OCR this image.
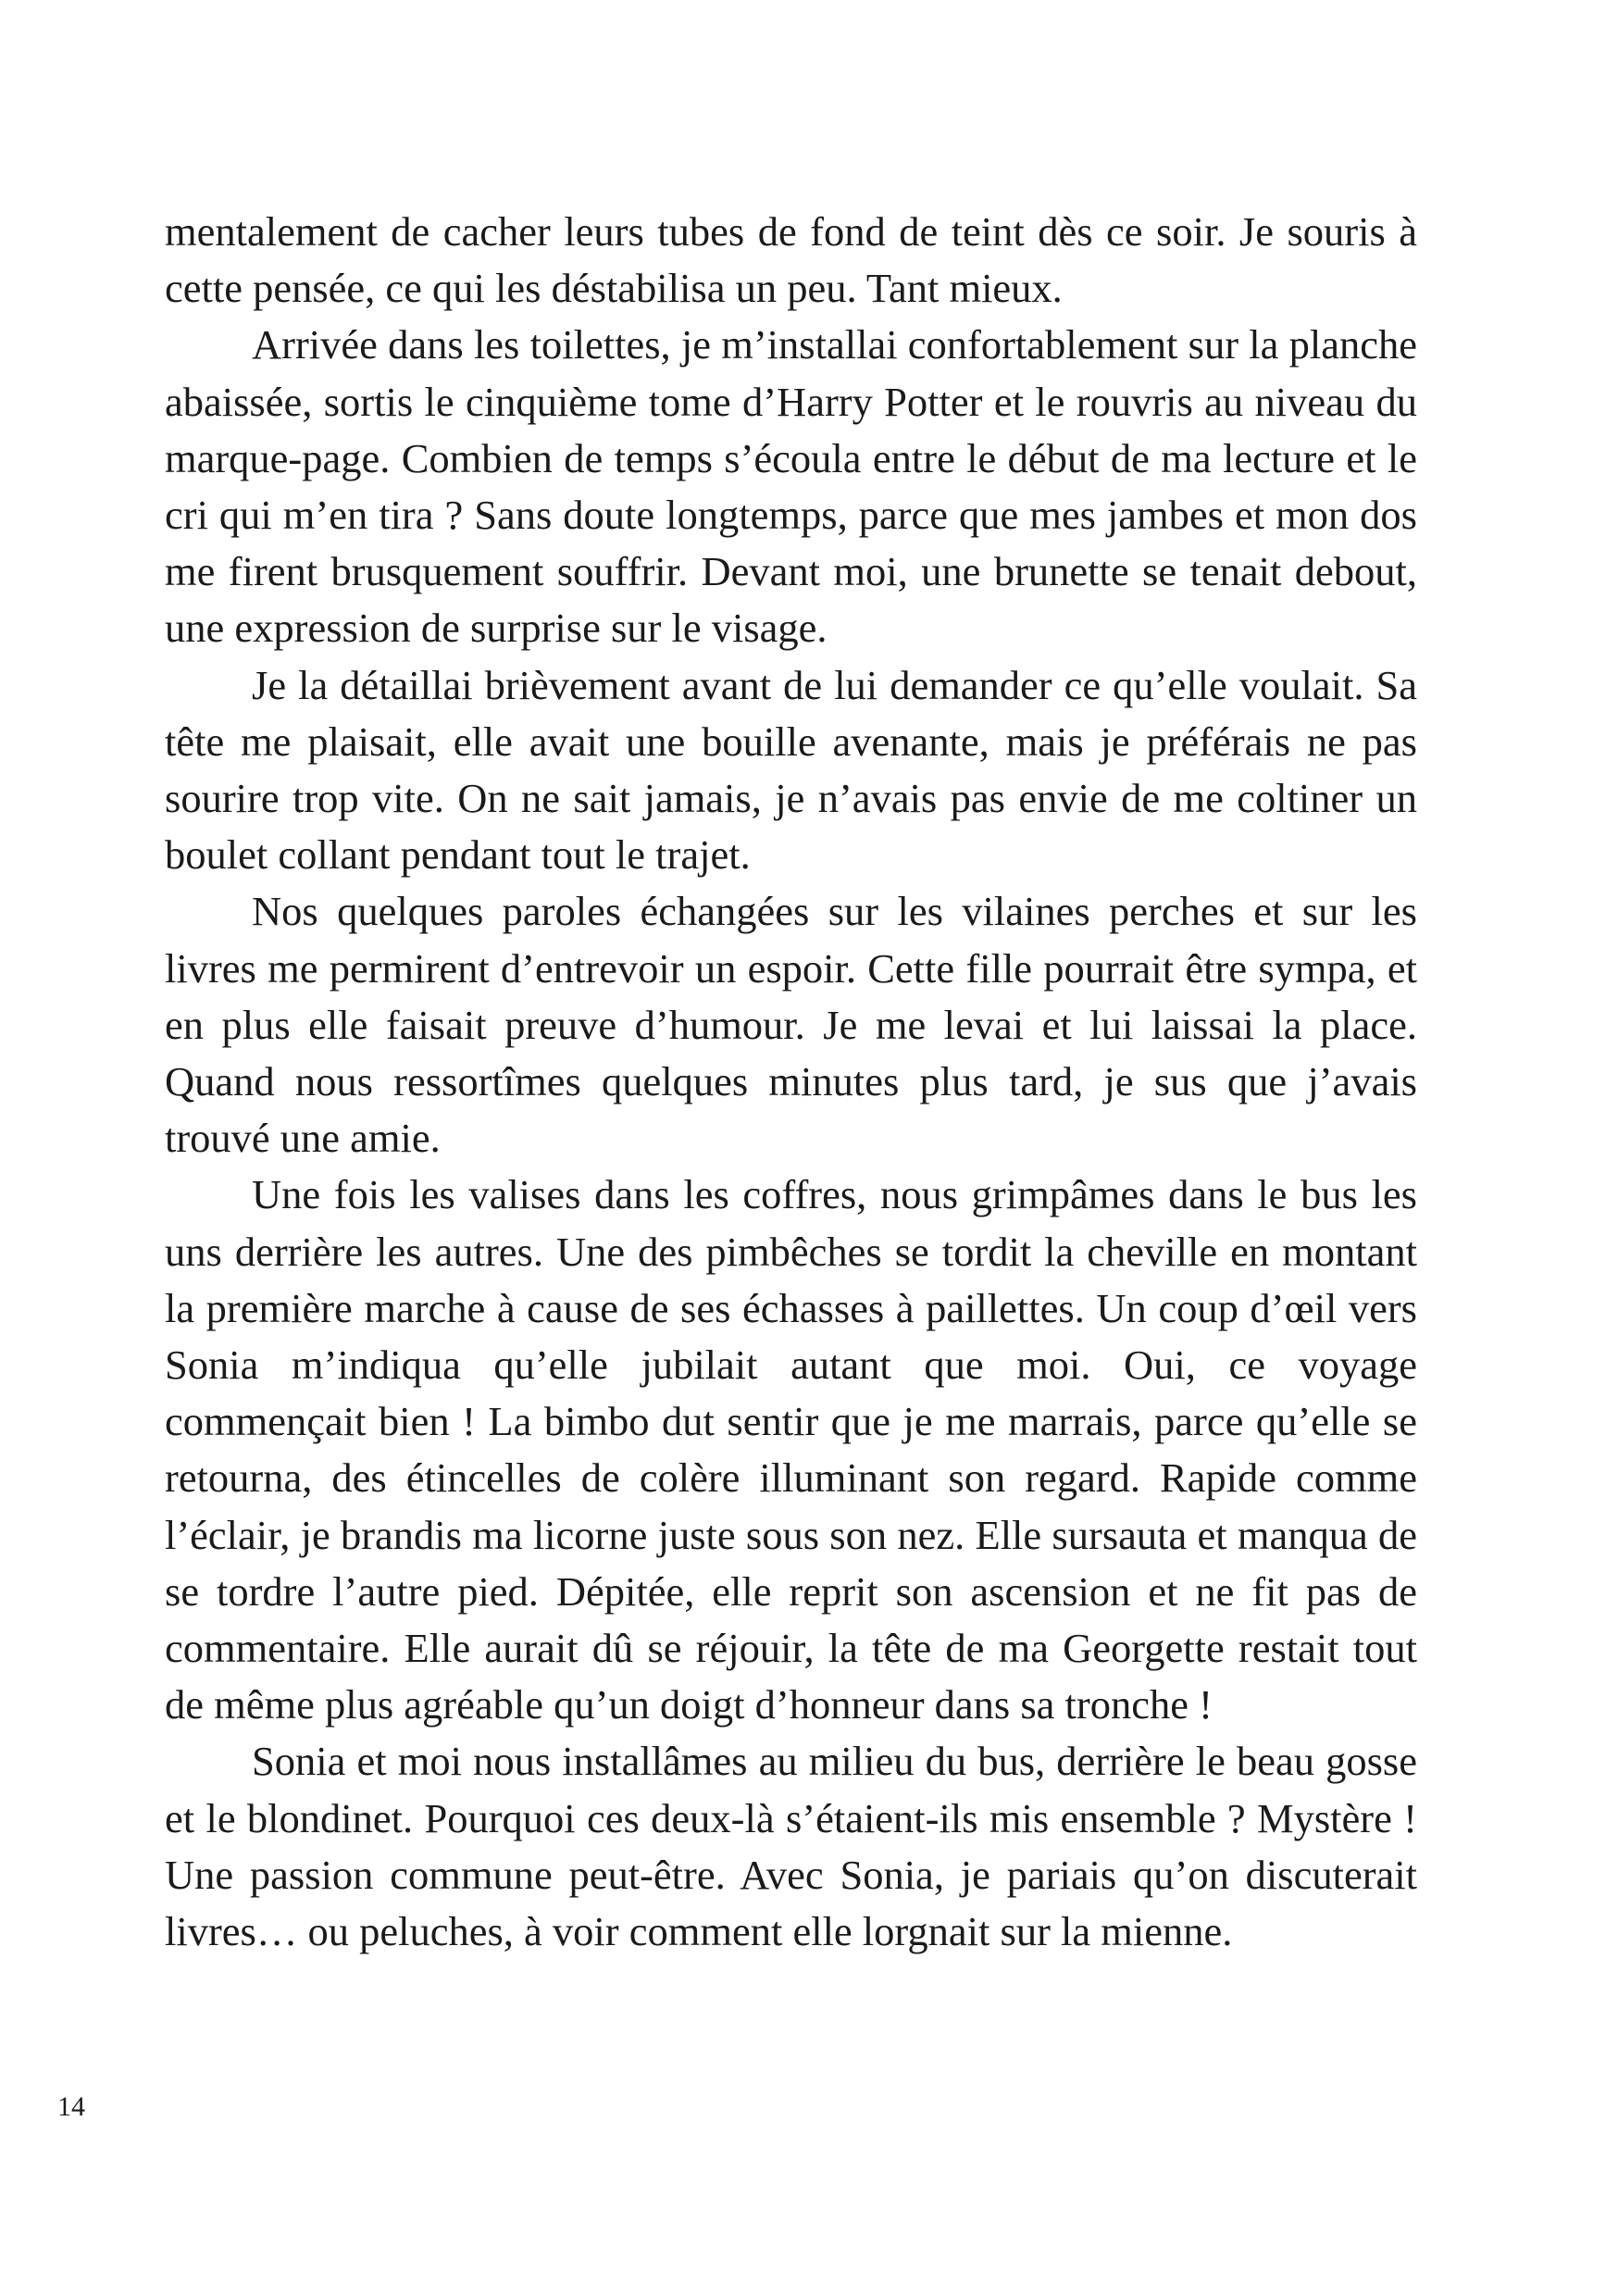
mentalement de cacher leurs tubes de fond de teint dès ce soir. Je souris à cette pensée, ce qui les déstabilisa un peu. Tant mieux.

Arrivée dans les toilettes, je m’installai confortablement sur la planche abaissée, sortis le cinquième tome d’Harry Potter et le rouvris au niveau du marque-page. Combien de temps s’écoula entre le début de ma lecture et le cri qui m’en tira ? Sans doute longtemps, parce que mes jambes et mon dos me firent brusquement souffrir. Devant moi, une brunette se tenait debout, une expression de surprise sur le visage.

Je la détaillai brièvement avant de lui demander ce qu’elle voulait. Sa tête me plaisait, elle avait une bouille avenante, mais je préférais ne pas sourire trop vite. On ne sait jamais, je n’avais pas envie de me coltiner un boulet collant pendant tout le trajet.

Nos quelques paroles échangées sur les vilaines perches et sur les livres me permirent d’entrevoir un espoir. Cette fille pourrait être sympa, et en plus elle faisait preuve d’humour. Je me levai et lui laissai la place. Quand nous ressortîmes quelques minutes plus tard, je sus que j’avais trouvé une amie.

Une fois les valises dans les coffres, nous grimpâmes dans le bus les uns derrière les autres. Une des pimbêches se tordit la cheville en montant la première marche à cause de ses échasses à paillettes. Un coup d’œil vers Sonia m’indiqua qu’elle jubilait autant que moi. Oui, ce voyage commençait bien ! La bimbo dut sentir que je me marrais, parce qu’elle se retourna, des étincelles de colère illuminant son regard. Rapide comme l’éclair, je brandis ma licorne juste sous son nez. Elle sursauta et manqua de se tordre l’autre pied. Dépitée, elle reprit son ascension et ne fit pas de commentaire. Elle aurait dû se réjouir, la tête de ma Georgette restait tout de même plus agréable qu’un doigt d’honneur dans sa tronche !

Sonia et moi nous installâmes au milieu du bus, derrière le beau gosse et le blondinet. Pourquoi ces deux-là s’étaient-ils mis ensemble ? Mystère ! Une passion commune peut-être. Avec Sonia, je pariais qu’on discuterait livres… ou peluches, à voir comment elle lorgnait sur la mienne.

14
